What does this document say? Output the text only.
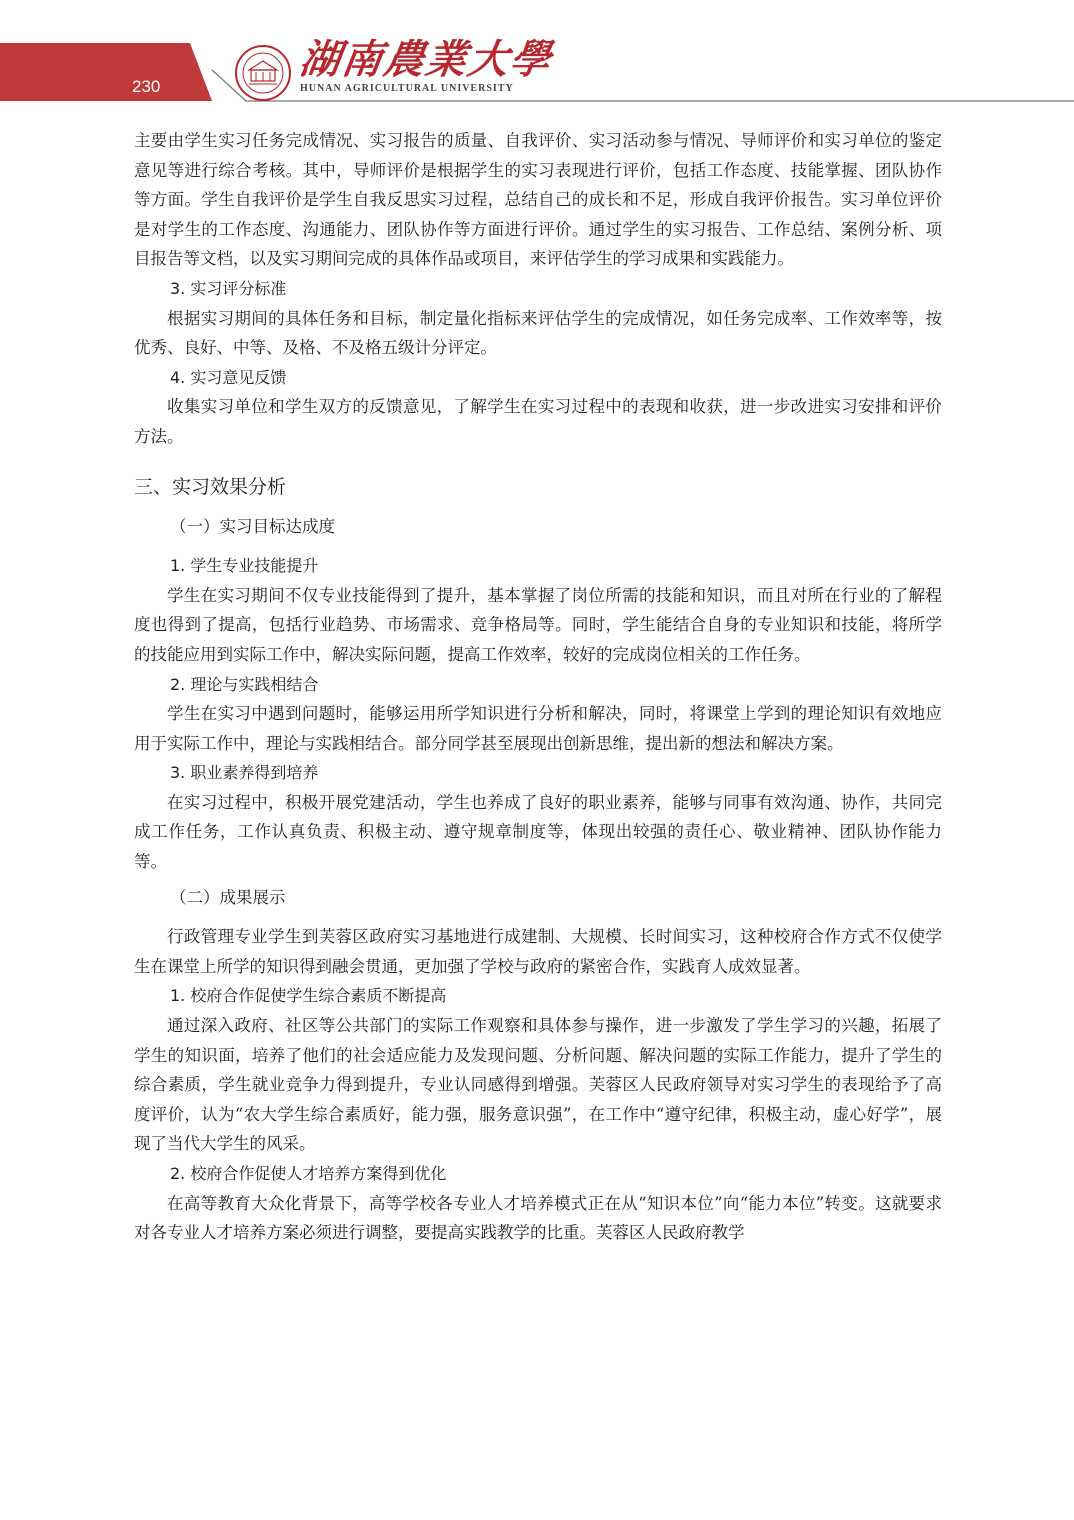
230
湖南農業大學
HUNAN AGRICULTURAL UNIVERSITY

主要由学生实习任务完成情况、实习报告的质量、自我评价、实习活动参与情况、导师评价和实习单位的鉴定意见等进行综合考核。其中，导师评价是根据学生的实习表现进行评价，包括工作态度、技能掌握、团队协作等方面。学生自我评价是学生自我反思实习过程，总结自己的成长和不足，形成自我评价报告。实习单位评价是对学生的工作态度、沟通能力、团队协作等方面进行评价。通过学生的实习报告、工作总结、案例分析、项目报告等文档，以及实习期间完成的具体作品或项目，来评估学生的学习成果和实践能力。

3. 实习评分标准

根据实习期间的具体任务和目标，制定量化指标来评估学生的完成情况，如任务完成率、工作效率等，按优秀、良好、中等、及格、不及格五级计分评定。

4. 实习意见反馈

收集实习单位和学生双方的反馈意见，了解学生在实习过程中的表现和收获，进一步改进实习安排和评价方法。

三、实习效果分析

（一）实习目标达成度

1. 学生专业技能提升

学生在实习期间不仅专业技能得到了提升，基本掌握了岗位所需的技能和知识，而且对所在行业的了解程度也得到了提高，包括行业趋势、市场需求、竞争格局等。同时，学生能结合自身的专业知识和技能，将所学的技能应用到实际工作中，解决实际问题，提高工作效率，较好的完成岗位相关的工作任务。

2. 理论与实践相结合

学生在实习中遇到问题时，能够运用所学知识进行分析和解决，同时，将课堂上学到的理论知识有效地应用于实际工作中，理论与实践相结合。部分同学甚至展现出创新思维，提出新的想法和解决方案。

3. 职业素养得到培养

在实习过程中，积极开展党建活动，学生也养成了良好的职业素养，能够与同事有效沟通、协作，共同完成工作任务，工作认真负责、积极主动、遵守规章制度等，体现出较强的责任心、敬业精神、团队协作能力等。

（二）成果展示

行政管理专业学生到芙蓉区政府实习基地进行成建制、大规模、长时间实习，这种校府合作方式不仅使学生在课堂上所学的知识得到融会贯通，更加强了学校与政府的紧密合作，实践育人成效显著。

1. 校府合作促使学生综合素质不断提高

通过深入政府、社区等公共部门的实际工作观察和具体参与操作，进一步激发了学生学习的兴趣，拓展了学生的知识面，培养了他们的社会适应能力及发现问题、分析问题、解决问题的实际工作能力，提升了学生的综合素质，学生就业竞争力得到提升，专业认同感得到增强。芙蓉区人民政府领导对实习学生的表现给予了高度评价，认为“农大学生综合素质好，能力强，服务意识强”，在工作中“遵守纪律，积极主动，虚心好学”，展现了当代大学生的风采。

2. 校府合作促使人才培养方案得到优化

在高等教育大众化背景下，高等学校各专业人才培养模式正在从“知识本位”向“能力本位”转变。这就要求对各专业人才培养方案必须进行调整，要提高实践教学的比重。芙蓉区人民政府教学
